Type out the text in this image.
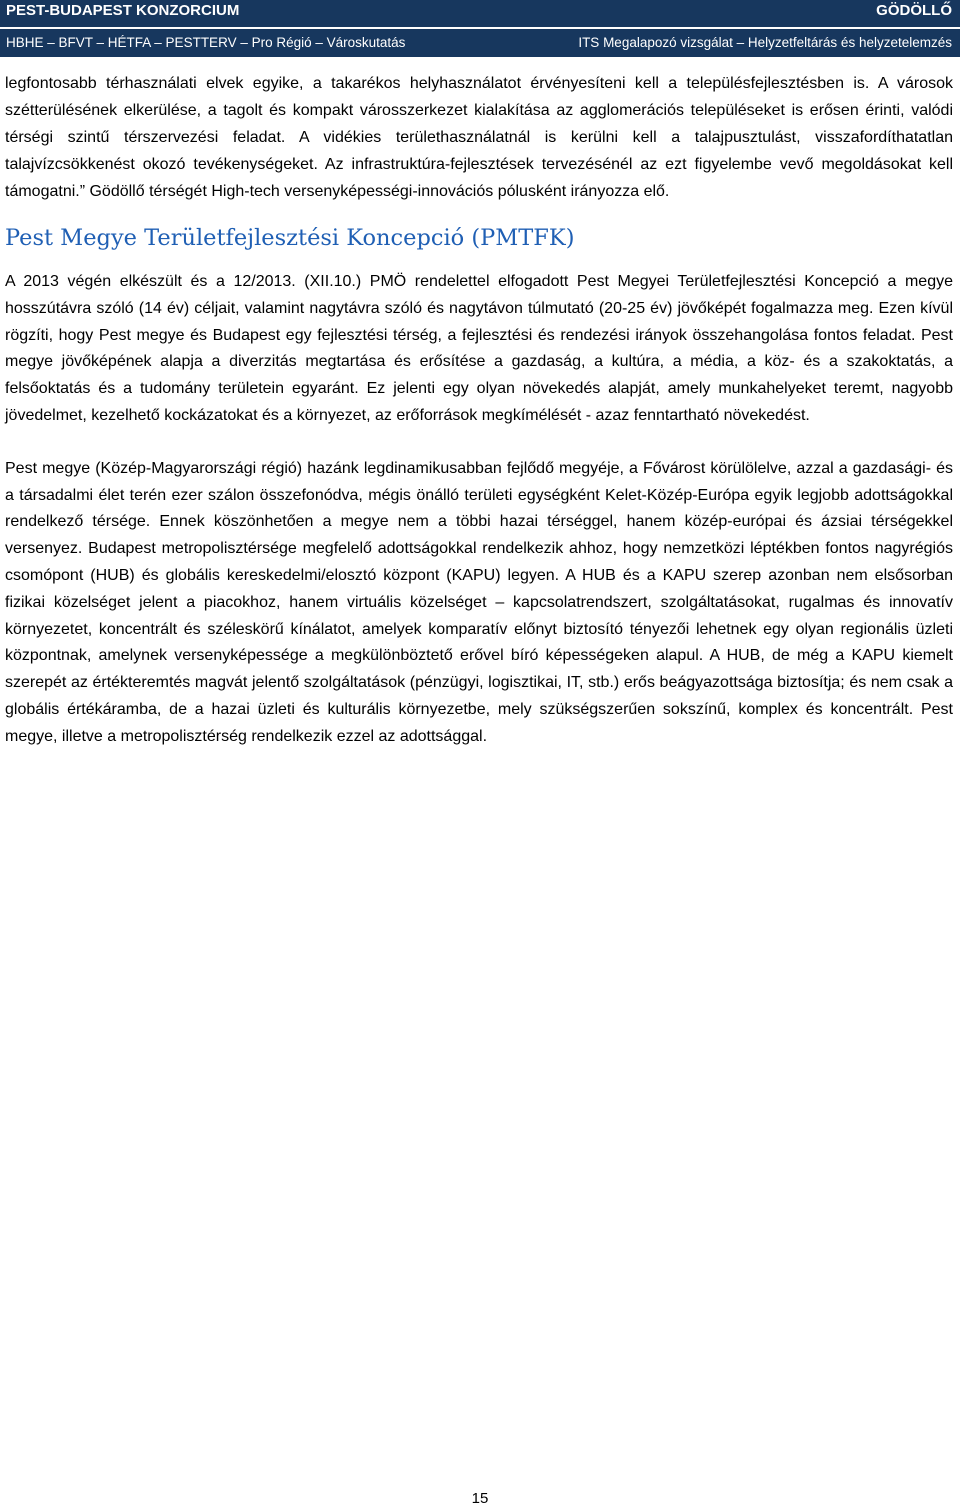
PEST-BUDAPEST KONZORCIUM	GÖDÖLLŐ
HBHE – BFVT – HÉTFA – PESTTERV – Pro Régió – Városkutatás	ITS Megalapozó vizsgálat – Helyzetfeltárás és helyzetelemzés

legfontosabb térhasználati elvek egyike, a takarékos helyhasználatot érvényesíteni kell a településfejlesztésben is. A városok szétterülésének elkerülése, a tagolt és kompakt városszerkezet kialakítása az agglomerációs településeket is erősen érinti, valódi térségi szintű térszervezési feladat. A vidékies területhasználatnál is kerülni kell a talajpusztulást, visszafordíthatatlan talajvízcsökkenést okozó tevékenységeket. Az infrastruktúra-fejlesztések tervezésénél az ezt figyelembe vevő megoldásokat kell támogatni.” Gödöllő térségét High-tech versenyképességi-innovációs pólusként irányozza elő.

Pest Megye Területfejlesztési Koncepció (PMTFK)

A 2013 végén elkészült és a 12/2013. (XII.10.) PMÖ rendelettel elfogadott Pest Megyei Területfejlesztési Koncepció a megye hosszútávra szóló (14 év) céljait, valamint nagytávra szóló és nagytávon túlmutató (20-25 év) jövőképét fogalmazza meg. Ezen kívül rögzíti, hogy Pest megye és Budapest egy fejlesztési térség, a fejlesztési és rendezési irányok összehangolása fontos feladat. Pest megye jövőképének alapja a diverzitás megtartása és erősítése a gazdaság, a kultúra, a média, a köz- és a szakoktatás, a felsőoktatás és a tudomány területein egyaránt. Ez jelenti egy olyan növekedés alapját, amely munkahelyeket teremt, nagyobb jövedelmet, kezelhető kockázatokat és a környezet, az erőforrások megkímélését - azaz fenntartható növekedést.

Pest megye (Közép-Magyarországi régió) hazánk legdinamikusabban fejlődő megyéje, a Fővárost körülölelve, azzal a gazdasági- és a társadalmi élet terén ezer szálon összefonódva, mégis önálló területi egységként Kelet-Közép-Európa egyik legjobb adottságokkal rendelkező térsége. Ennek köszönhetően a megye nem a többi hazai térséggel, hanem közép-európai és ázsiai térségekkel versenyez. Budapest metropolisztérsége megfelelő adottságokkal rendelkezik ahhoz, hogy nemzetközi léptékben fontos nagyrégiós csomópont (HUB) és globális kereskedelmi/elosztó központ (KAPU) legyen. A HUB és a KAPU szerep azonban nem elsősorban fizikai közelséget jelent a piacokhoz, hanem virtuális közelséget – kapcsolatrendszert, szolgáltatásokat, rugalmas és innovatív környezetet, koncentrált és széleskörű kínálatot, amelyek komparatív előnyt biztosító tényezői lehetnek egy olyan regionális üzleti központnak, amelynek versenyképessége a megkülönböztető erővel bíró képességeken alapul. A HUB, de még a KAPU kiemelt szerepét az értékteremtés magvát jelentő szolgáltatások (pénzügyi, logisztikai, IT, stb.) erős beágyazottsága biztosítja; és nem csak a globális értékáramba, de a hazai üzleti és kulturális környezetbe, mely szükségszerűen sokszínű, komplex és koncentrált. Pest megye, illetve a metropolisztérség rendelkezik ezzel az adottsággal.

15
